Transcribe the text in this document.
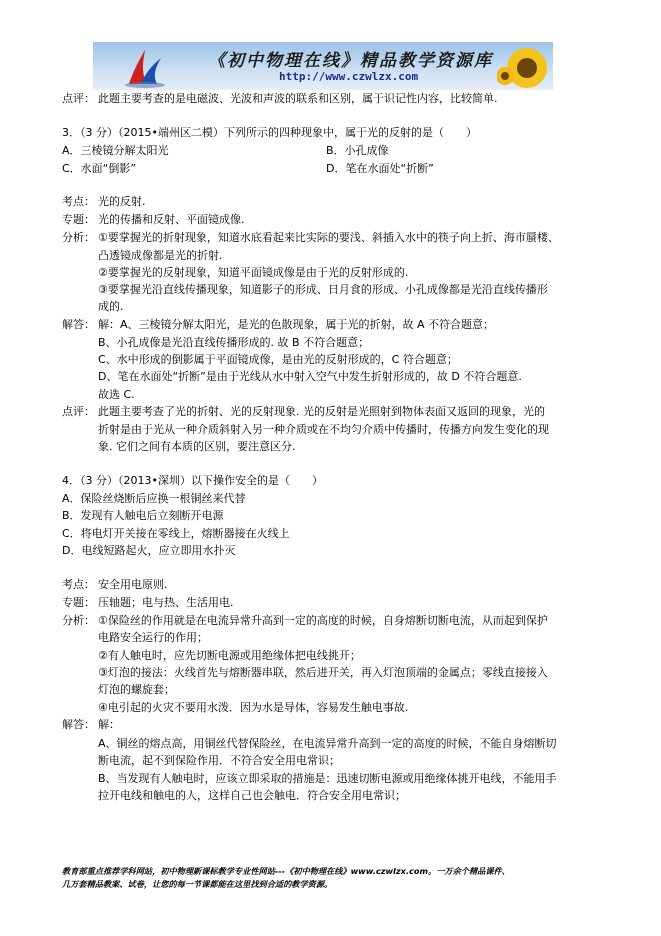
《初中物理在线》精品教学资源库
http://www.czwlzx.com
点评： 此题主要考查的是电磁波、光波和声波的联系和区别，属于识记性内容，比较简单.
3．（3 分）（2015•端州区二模）下列所示的四种现象中，属于光的反射的是（　　）
A．三棱镜分解太阳光	B．小孔成像
C．水面“倒影”	D．笔在水面处“折断”
考点： 光的反射.
专题： 光的传播和反射、平面镜成像.
分析： ①要掌握光的折射现象，知道水底看起来比实际的要浅、斜插入水中的筷子向上折、海市蜃楼、
凸透镜成像都是光的折射.
②要掌握光的反射现象，知道平面镜成像是由于光的反射形成的.
③要掌握光沿直线传播现象，知道影子的形成、日月食的形成、小孔成像都是光沿直线传播形
成的.
解答： 解：A、三棱镜分解太阳光，是光的色散现象，属于光的折射，故 A 不符合题意；
B、小孔成像是光沿直线传播形成的. 故 B 不符合题意；
C、水中形成的倒影属于平面镜成像，是由光的反射形成的，C 符合题意；
D、笔在水面处“折断”是由于光线从水中射入空气中发生折射形成的，故 D 不符合题意.
故选 C.
点评： 此题主要考查了光的折射、光的反射现象. 光的反射是光照射到物体表面又返回的现象，光的
折射是由于光从一种介质斜射入另一种介质或在不均匀介质中传播时，传播方向发生变化的现
象. 它们之间有本质的区别，要注意区分.
4．（3 分）（2013•深圳）以下操作安全的是（　　）
A．保险丝烧断后应换一根铜丝来代替
B．发现有人触电后立刻断开电源
C．将电灯开关接在零线上，熔断器接在火线上
D．电线短路起火，应立即用水扑灭
考点： 安全用电原则.
专题： 压轴题；电与热、生活用电.
分析： ①保险丝的作用就是在电流异常升高到一定的高度的时候，自身熔断切断电流，从而起到保护
电路安全运行的作用；
②有人触电时，应先切断电源或用绝缘体把电线挑开；
③灯泡的接法：火线首先与熔断器串联，然后进开关，再入灯泡顶端的金属点；零线直接接入
灯泡的螺旋套；
④电引起的火灾不要用水泼．因为水是导体，容易发生触电事故.
解答： 解：
A、铜丝的熔点高，用铜丝代替保险丝，在电流异常升高到一定的高度的时候，不能自身熔断切
断电流，起不到保险作用．不符合安全用电常识；
B、当发现有人触电时，应该立即采取的措施是：迅速切断电源或用绝缘体挑开电线，不能用手
拉开电线和触电的人，这样自己也会触电．符合安全用电常识；
教育部重点推荐学科网站，初中物理新课标教学专业性网站---《初中物理在线》www.czwlzx.com。一万余个精品课件、
几万套精品教案、试卷，让您的每一节课都能在这里找到合适的教学资源。
